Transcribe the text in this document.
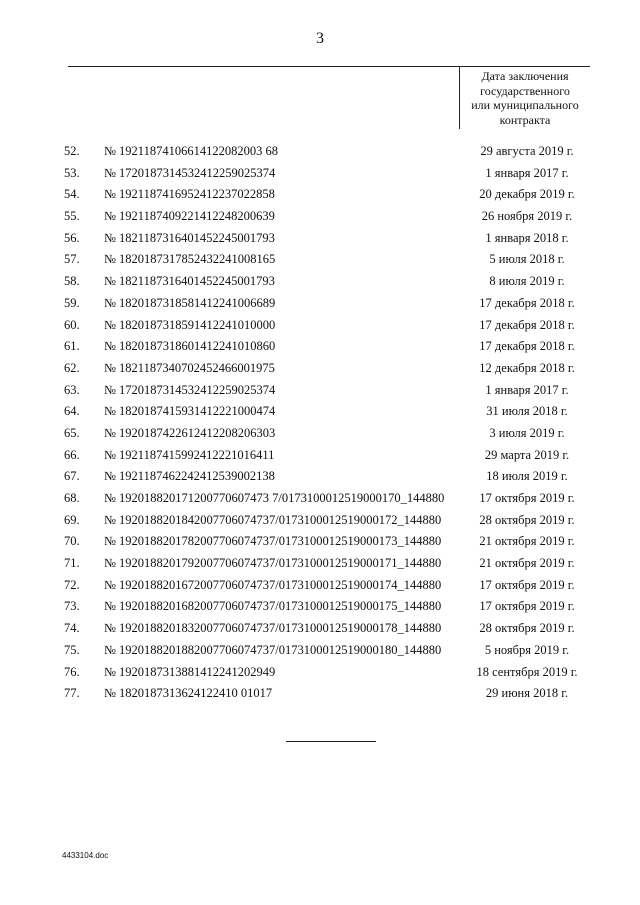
3
Дата заключения
государственного
или муниципального
контракта
52.	№ 19211874106614122082003 68	29 августа 2019 г.
53.	№ 1720187314532412259025374	1 января 2017 г.
54.	№ 1921187416952412237022858	20 декабря 2019 г.
55.	№ 1921187409221412248200639	26 ноября 2019 г.
56.	№ 1821187316401452245001793	1 января 2018 г.
57.	№ 1820187317852432241008165	5 июля 2018 г.
58.	№ 1821187316401452245001793	8 июля 2019 г.
59.	№ 1820187318581412241006689	17 декабря 2018 г.
60.	№ 1820187318591412241010000	17 декабря 2018 г.
61.	№ 1820187318601412241010860	17 декабря 2018 г.
62.	№ 1821187340702452466001975	12 декабря 2018 г.
63.	№ 1720187314532412259025374	1 января 2017 г.
64.	№ 1820187415931412221000474	31 июля 2018 г.
65.	№ 1920187422612412208206303	3 июля 2019 г.
66.	№ 1921187415992412221016411	29 марта 2019 г.
67.	№ 1921187462242412539002138	18 июля 2019 г.
68.	№ 192018820171200770607473 7/0173100012519000170_144880	17 октября 2019 г.
69.	№ 1920188201842007706074737/0173100012519000172_144880	28 октября 2019 г.
70.	№ 1920188201782007706074737/0173100012519000173_144880	21 октября 2019 г.
71.	№ 1920188201792007706074737/0173100012519000171_144880	21 октября 2019 г.
72.	№ 1920188201672007706074737/0173100012519000174_144880	17 октября 2019 г.
73.	№ 1920188201682007706074737/0173100012519000175_144880	17 октября 2019 г.
74.	№ 1920188201832007706074737/0173100012519000178_144880	28 октября 2019 г.
75.	№ 1920188201882007706074737/0173100012519000180_144880	5 ноября 2019 г.
76.	№ 1920187313881412241202949	18 сентября 2019 г.
77.	№ 1820187313624122410 01017	29 июня 2018 г.
4433104.doc
